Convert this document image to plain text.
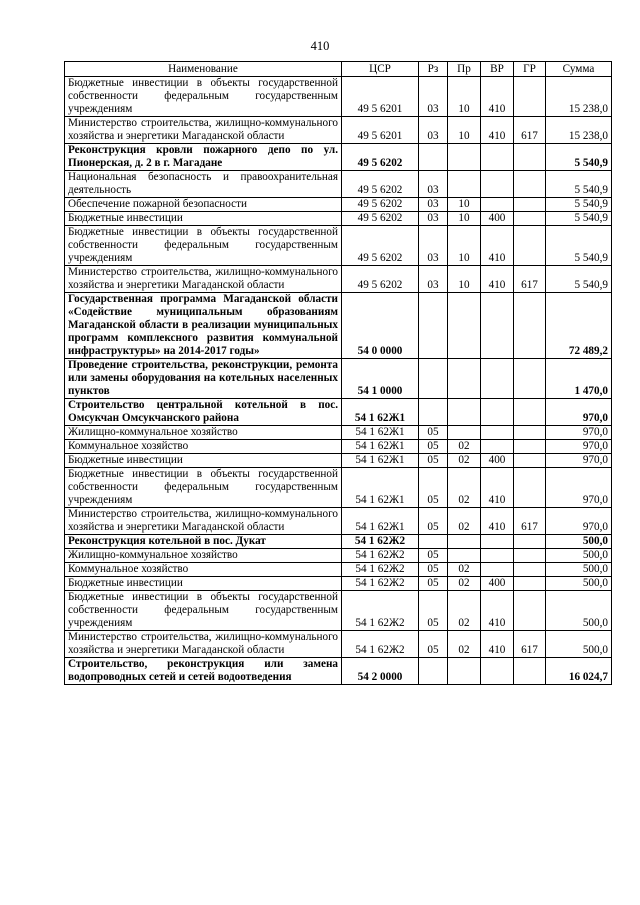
410
Наименование	ЦСР	Рз	Пр	ВР	ГР	Сумма
Бюджетные инвестиции в объекты государственной собственности федеральным государственным учреждениям	49 5 6201	03	10	410		15 238,0
Министерство строительства, жилищно-коммунального хозяйства и энергетики Магаданской области	49 5 6201	03	10	410	617	15 238,0
Реконструкция кровли пожарного депо по ул. Пионерская, д. 2 в г. Магадане	49 5 6202					5 540,9
Национальная безопасность и правоохранительная деятельность	49 5 6202	03				5 540,9
Обеспечение пожарной безопасности	49 5 6202	03	10			5 540,9
Бюджетные инвестиции	49 5 6202	03	10	400		5 540,9
Бюджетные инвестиции в объекты государственной собственности федеральным государственным учреждениям	49 5 6202	03	10	410		5 540,9
Министерство строительства, жилищно-коммунального хозяйства и энергетики Магаданской области	49 5 6202	03	10	410	617	5 540,9
Государственная программа Магаданской области «Содействие муниципальным образованиям Магаданской области в реализации муниципальных программ комплексного развития коммунальной инфраструктуры» на 2014-2017 годы»	54 0 0000					72 489,2
Проведение строительства, реконструкции, ремонта или замены оборудования на котельных населенных пунктов	54 1 0000					1 470,0
Строительство центральной котельной в пос. Омсукчан Омсукчанского района	54 1 62Ж1					970,0
Жилищно-коммунальное хозяйство	54 1 62Ж1	05				970,0
Коммунальное хозяйство	54 1 62Ж1	05	02			970,0
Бюджетные инвестиции	54 1 62Ж1	05	02	400		970,0
Бюджетные инвестиции в объекты государственной собственности федеральным государственным учреждениям	54 1 62Ж1	05	02	410		970,0
Министерство строительства, жилищно-коммунального хозяйства и энергетики Магаданской области	54 1 62Ж1	05	02	410	617	970,0
Реконструкция котельной в пос. Дукат	54 1 62Ж2					500,0
Жилищно-коммунальное хозяйство	54 1 62Ж2	05				500,0
Коммунальное хозяйство	54 1 62Ж2	05	02			500,0
Бюджетные инвестиции	54 1 62Ж2	05	02	400		500,0
Бюджетные инвестиции в объекты государственной собственности федеральным государственным учреждениям	54 1 62Ж2	05	02	410		500,0
Министерство строительства, жилищно-коммунального хозяйства и энергетики Магаданской области	54 1 62Ж2	05	02	410	617	500,0
Строительство, реконструкция или замена водопроводных сетей и сетей водоотведения	54 2 0000					16 024,7
